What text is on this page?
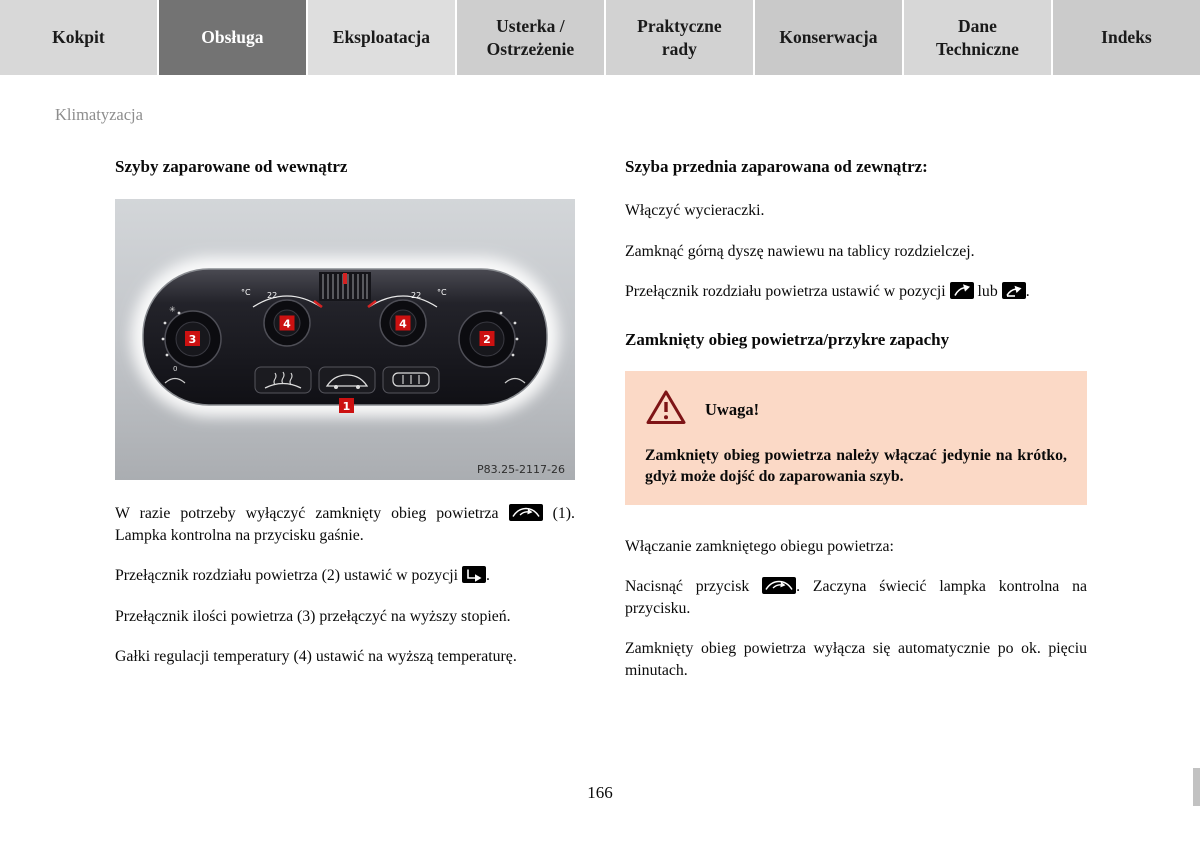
Kokpit	Obsługa	Eksploatacja
Usterka / Ostrzeżenie
Praktyczne rady
Konserwacja
Dane Techniczne
Indeks
Klimatyzacja
Szyby zaparowane od wewnątrz
22	22
°C	°C
✳
0
3
4	4
2
1
P83.25-2117-26

W razie potrzeby wyłączyć zamknięty obieg powietrza	(1). Lampka kontrolna na przycisku gaśnie.

Przełącznik rozdziału powietrza (2) ustawić w pozycji .

Przełącznik ilości powietrza (3) przełączyć na wyższy stopień.

Gałki regulacji temperatury (4) ustawić na wyższą temperaturę.

Szyba przednia zaparowana od zewnątrz:

Włączyć wycieraczki.

Zamknąć górną dyszę nawiewu na tablicy rozdzielczej.

Przełącznik rozdziału powietrza ustawić w pozycji lub .

Zamknięty obieg powietrza/przykre zapachy
Uwaga!

Zamknięty obieg powietrza należy włączać jedynie na krótko, gdyż może dojść do zaparowania szyb.

Włączanie zamkniętego obiegu powietrza:

Nacisnąć przycisk	. Zaczyna świecić lampka kontrolna na przycisku.

Zamknięty obieg powietrza wyłącza się automatycznie po ok. pięciu minutach.

166
